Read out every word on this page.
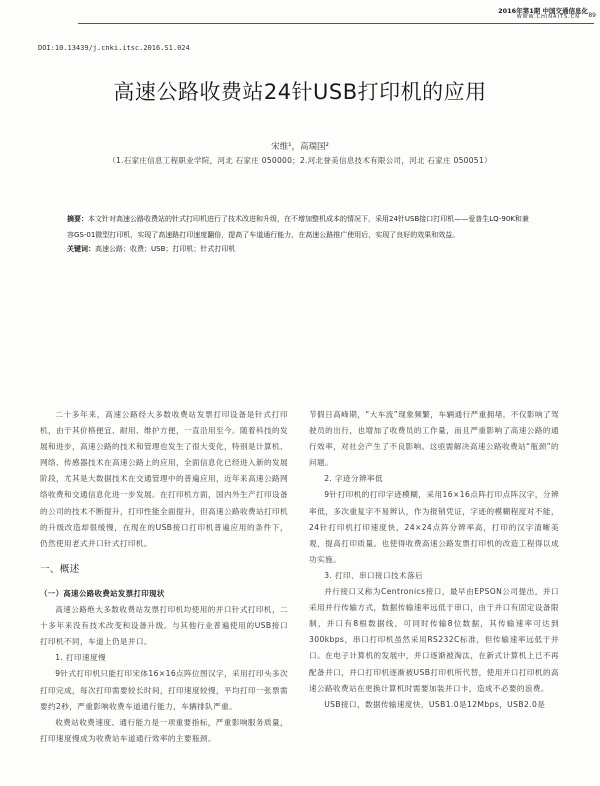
2016年第1期 中国交通信息化
WWW.CHINAITS.CN 89
DOI:10.13439/j.cnki.itsc.2016.S1.024
高速公路收费站24针USB打印机的应用
宋维¹，高瑞国²
（1.石家庄信息工程职业学院，河北 石家庄 050000；2.河北誉美信息技术有限公司，河北 石家庄 050051）
摘要：本文针对高速公路收费站的针式打印机进行了技术改进和升级，在不增加整机成本的情况下，采用24针USB接口打印机——爱普生LQ-90K和兼容GS-01微型打印机，实现了高速路打印速度翻倍，提高了车道通行能力，在高速公路推广使用后，实现了良好的效果和效益。
关键词：高速公路；收费；USB；打印机；针式打印机

二十多年来，高速公路经大多数收费站发票打印设备是针式打印机，由于其价格便宜、耐用、维护方便，一直沿用至今。随着科技的发展和进步，高速公路的技术和管理也发生了很大变化，特别是计算机、网络、传感器技术在高速公路上的应用，全面信息化已经进入新的发展阶段，尤其是大数据技术在交通管理中的普遍应用，近年来高速公路网络收费和交通信息化进一步发展。在打印机方面，国内外生产打印设备的公司的技术不断提升，打印性能全面提升，但高速公路收费站打印机的升级改造却很缓慢，在现在的USB接口打印机普遍应用的条件下，仍然使用老式并口针式打印机。

一、概述
（一）高速公路收费站发票打印现状

高速公路绝大多数收费站发票打印机均使用的并口针式打印机，二十多年来没有技术改变和设备升级。与其他行业普遍使用的USB接口打印机不同，车道上仍是并口。

1. 打印速度慢

9针式打印机只能打印宋体16×16点阵位图汉字，采用打印头多次打印完成，每次打印需要较长时间，打印速度较慢，平均打印一张票需要约2秒，严重影响收费车道通行能力，车辆排队严重。

收费站收费速度、通行能力是一项重要指标，严重影响服务质量，打印速度慢成为收费站车道通行效率的主要瓶颈。

节假日高峰期，“大车流”现象频繁，车辆通行严重拥堵，不仅影响了驾驶员的出行，也增加了收费员的工作量，而且严重影响了高速公路的通行效率，对社会产生了不良影响。这亟需解决高速公路收费站“瓶颈”的问题。

2. 字迹分辨率低

9针打印机的打印字迹模糊，采用16×16点阵打印点阵汉字，分辨率低，多次重复字不易辨认，作为报销凭证，字迹的模糊程度对不能，24针打印机打印速度快，24×24点阵分辨率高，打印的汉字清晰美观，提高打印质量。也使得收费高速公路发票打印机的改造工程得以成功实施。

3. 打印、串口接口技术落后

并行接口又称为Centronics接口，最早由EPSON公司提出，并口采用并行传输方式，数据传输速率远低于串口，由于并口有固定设备限制，并口有8根数据线，可同时传输8位数据，其传输速率可达到300kbps，串口打印机虽然采用RS232C标准，但传输速率远低于并口。在电子计算机的发展中，并口逐渐被淘汰，在新式计算机上已不再配备并口，并口打印机逐渐被USB打印机所代替，使用并口打印机的高速公路收费站在更换计算机时需要加装并口卡，造成不必要的浪费。

USB接口，数据传输速度快，USB1.0是12Mbps，USB2.0是
